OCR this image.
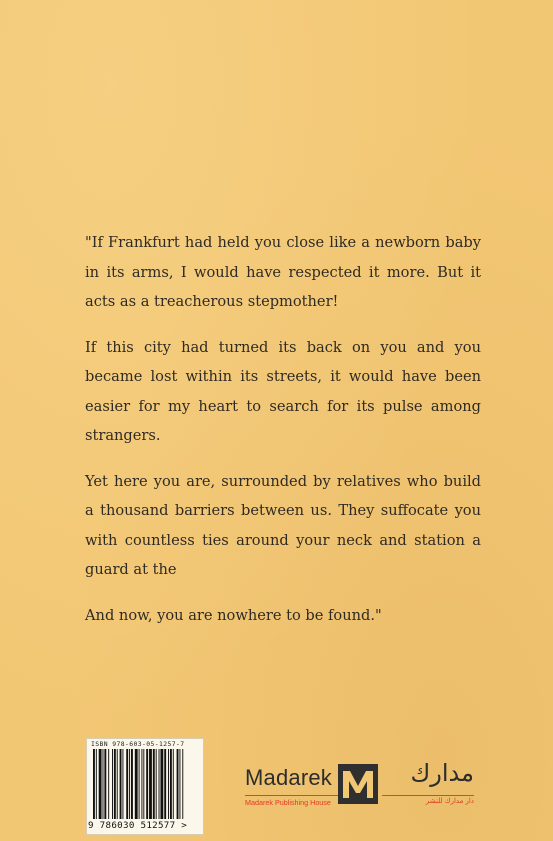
"If Frankfurt had held you close like a newborn baby in its arms, I would have respected it more. But it acts as a treacherous stepmother!

If this city had turned its back on you and you became lost within its streets, it would have been easier for my heart to search for its pulse among strangers.

Yet here you are, surrounded by relatives who build a thousand barriers between us. They suffocate you with countless ties around your neck and station a guard at the

And now, you are nowhere to be found."

ISBN 978-603-05-1257-7
9 786030 512577 >
Madarek
Madarek Publishing House
مدارك
دار مدارك للنشر
